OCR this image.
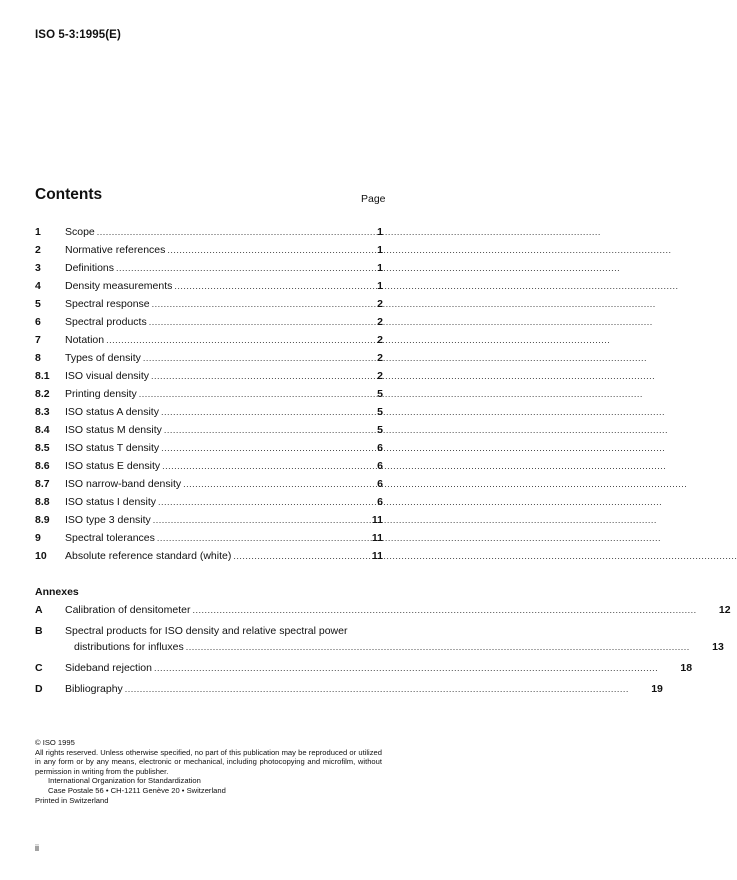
ISO 5-3:1995(E)
Contents	Page
1	Scope .....	1
2	Normative references .....	1
3	Definitions .....	1
4	Density measurements .....	1
5	Spectral response .....	2
6	Spectral products .....	2
7	Notation .....	2
8	Types of density .....	2
8.1	ISO visual density .....	2
8.2	Printing density .....	5
8.3	ISO status A density .....	5
8.4	ISO status M density .....	5
8.5	ISO status T density .....	6
8.6	ISO status E density .....	6
8.7	ISO narrow-band density .....	6
8.8	ISO status I density .....	6
8.9	ISO type 3 density .....	11
9	Spectral tolerances .....	11
10	Absolute reference standard (white) .....	11
Annexes
A	Calibration of densitometer .....	12
B	Spectral products for ISO density and relative spectral power
distributions for influxes .....	13
C	Sideband rejection .....	18
D	Bibliography .....	19

© ISO 1995

All rights reserved. Unless otherwise specified, no part of this publication may be reproduced or utilized in any form or by any means, electronic or mechanical, including photocopying and microfilm, without permission in writing from the publisher.

International Organization for Standardization

Case Postale 56 • CH-1211 Genève 20 • Switzerland

Printed in Switzerland

ii
